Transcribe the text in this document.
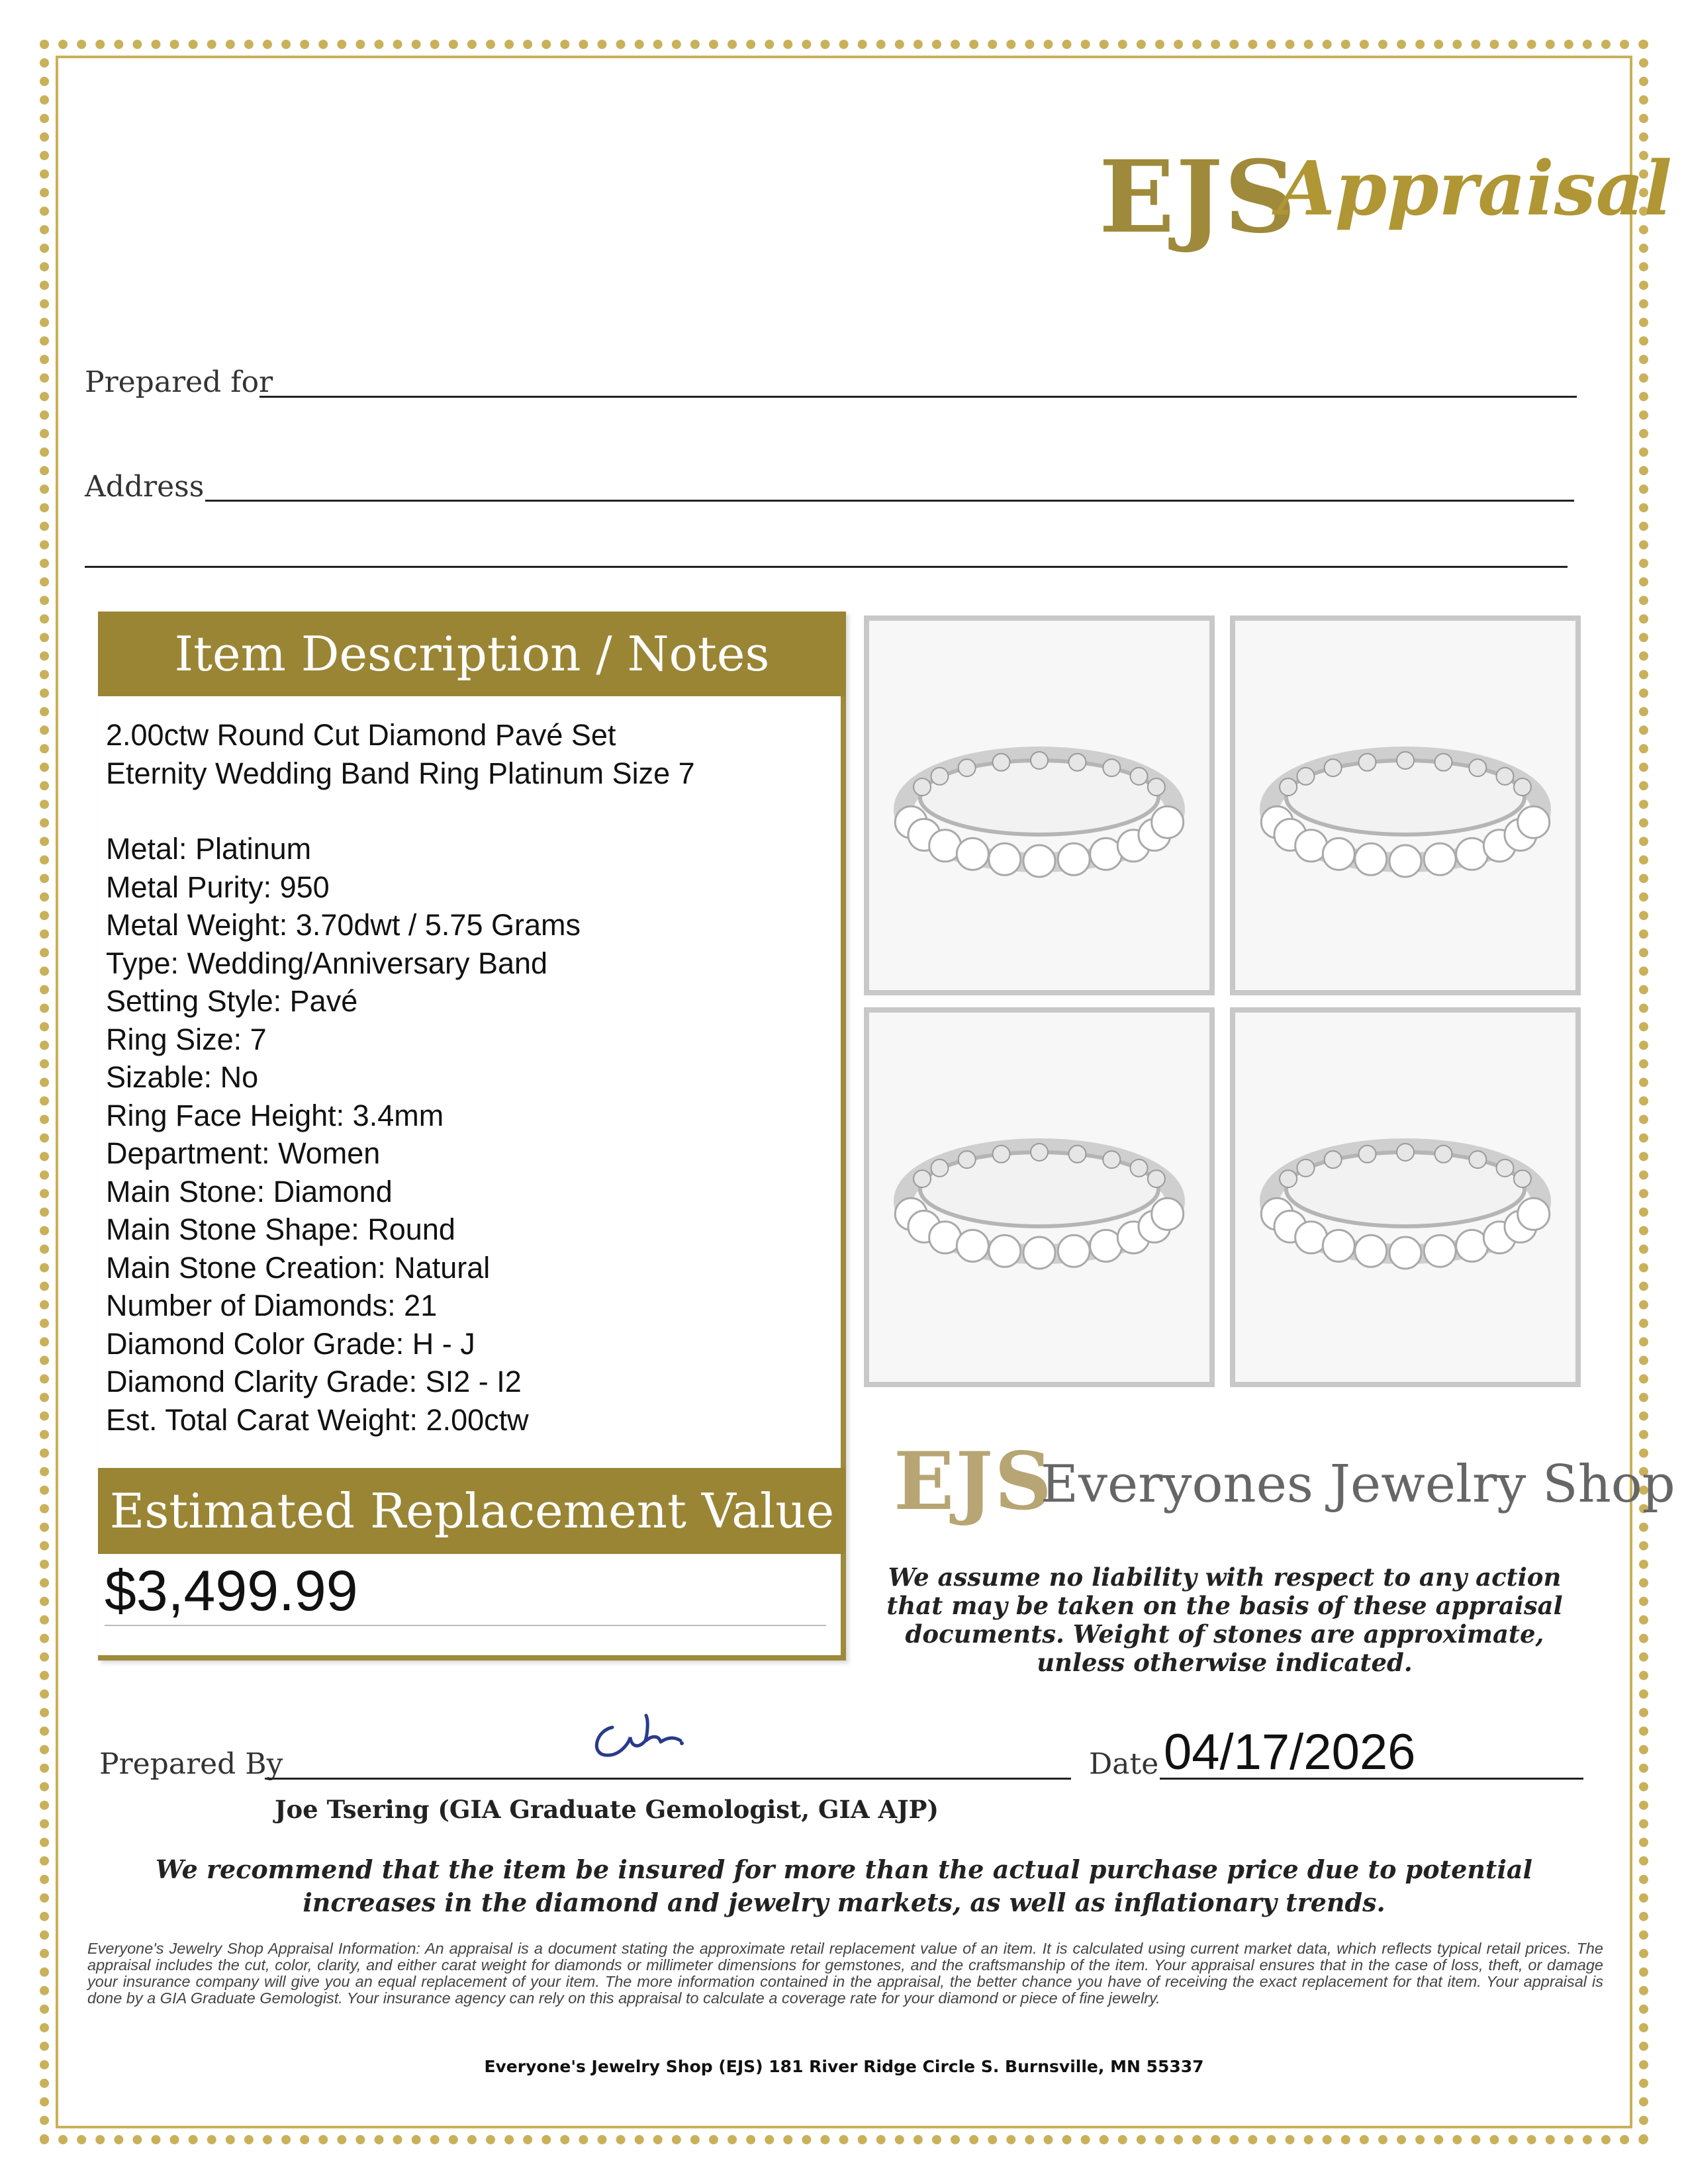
EJS
Appraisal
Prepared for
Address
Item Description / Notes
2.00ctw Round Cut Diamond Pavé Set
Eternity Wedding Band Ring Platinum Size 7
Metal: Platinum
Metal Purity: 950
Metal Weight: 3.70dwt / 5.75 Grams
Type: Wedding/Anniversary Band
Setting Style: Pavé
Ring Size: 7
Sizable: No
Ring Face Height: 3.4mm
Department: Women
Main Stone: Diamond
Main Stone Shape: Round
Main Stone Creation: Natural
Number of Diamonds: 21
Diamond Color Grade: H - J
Diamond Clarity Grade: SI2 - I2
Est. Total Carat Weight: 2.00ctw
Estimated Replacement Value
$3,499.99
EJS
Everyones Jewelry Shop
We assume no liability with respect to any action that may be taken on the basis of these appraisal documents. Weight of stones are approximate, unless otherwise indicated.
Prepared By
Joe Tsering (GIA Graduate Gemologist, GIA AJP)
Date 04/17/2026
We recommend that the item be insured for more than the actual purchase price due to potential increases in the diamond and jewelry markets, as well as inflationary trends.
Everyone's Jewelry Shop Appraisal Information: An appraisal is a document stating the approximate retail replacement value of an item. It is calculated using current market data, which reflects typical retail prices. The appraisal includes the cut, color, clarity, and either carat weight for diamonds or millimeter dimensions for gemstones, and the craftsmanship of the item. Your appraisal ensures that in the case of loss, theft, or damage your insurance company will give you an equal replacement of your item. The more information contained in the appraisal, the better chance you have of receiving the exact replacement for that item. Your appraisal is done by a GIA Graduate Gemologist. Your insurance agency can rely on this appraisal to calculate a coverage rate for your diamond or piece of fine jewelry.
Everyone's Jewelry Shop (EJS) 181 River Ridge Circle S. Burnsville, MN 55337
